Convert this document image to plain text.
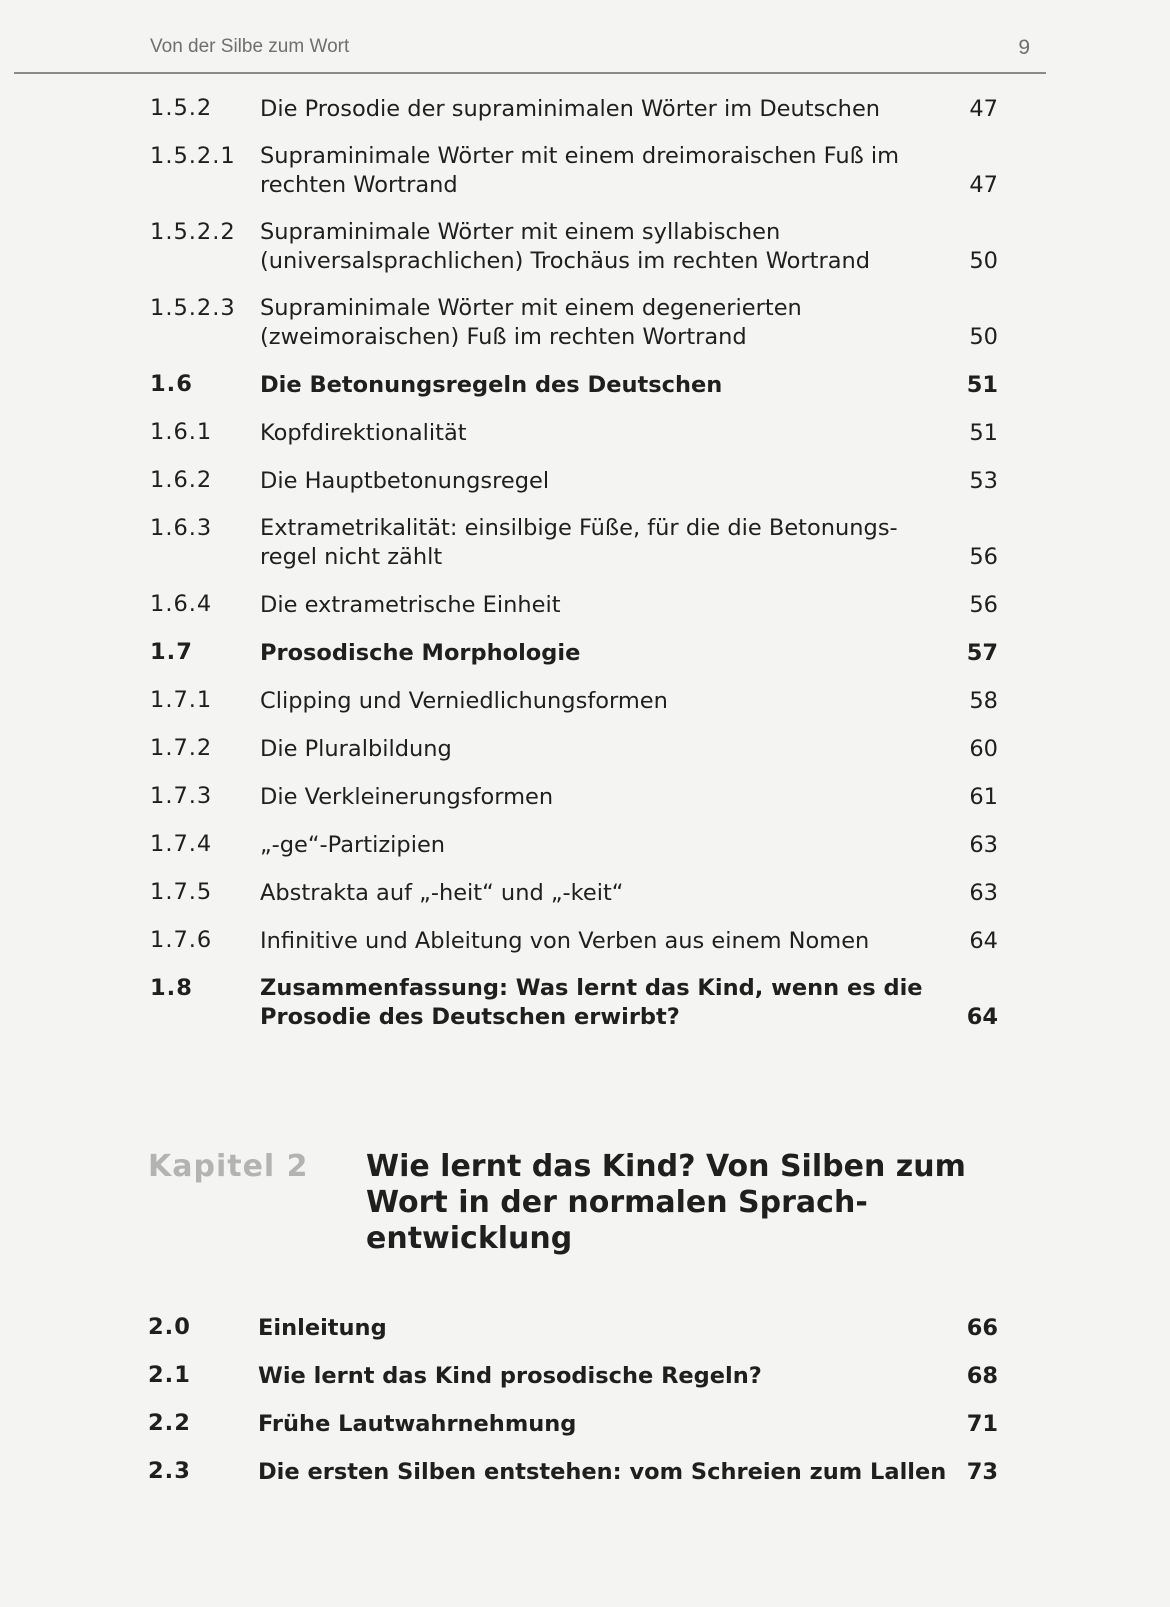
Von der Silbe zum Wort	9
1.5.2	Die Prosodie der supraminimalen Wörter im Deutschen	47
1.5.2.1	Supraminimale Wörter mit einem dreimoraischen Fuß im rechten Wortrand	47
1.5.2.2	Supraminimale Wörter mit einem syllabischen (universalsprachlichen) Trochäus im rechten Wortrand	50
1.5.2.3	Supraminimale Wörter mit einem degenerierten (zweimoraischen) Fuß im rechten Wortrand	50
1.6	Die Betonungsregeln des Deutschen	51
1.6.1	Kopfdirektionalität	51
1.6.2	Die Hauptbetonungsregel	53
1.6.3	Extrametrikalität: einsilbige Füße, für die die Betonungs-regel nicht zählt	56
1.6.4	Die extrametrische Einheit	56
1.7	Prosodische Morphologie	57
1.7.1	Clipping und Verniedlichungsformen	58
1.7.2	Die Pluralbildung	60
1.7.3	Die Verkleinerungsformen	61
1.7.4	„-ge“-Partizipien	63
1.7.5	Abstrakta auf „-heit“ und „-keit“	63
1.7.6	Infinitive und Ableitung von Verben aus einem Nomen	64
1.8	Zusammenfassung: Was lernt das Kind, wenn es die Prosodie des Deutschen erwirbt?	64
Kapitel 2 Wie lernt das Kind? Von Silben zum Wort in der normalen Sprach-entwicklung
2.0	Einleitung	66
2.1	Wie lernt das Kind prosodische Regeln?	68
2.2	Frühe Lautwahrnehmung	71
2.3	Die ersten Silben entstehen: vom Schreien zum Lallen 73
